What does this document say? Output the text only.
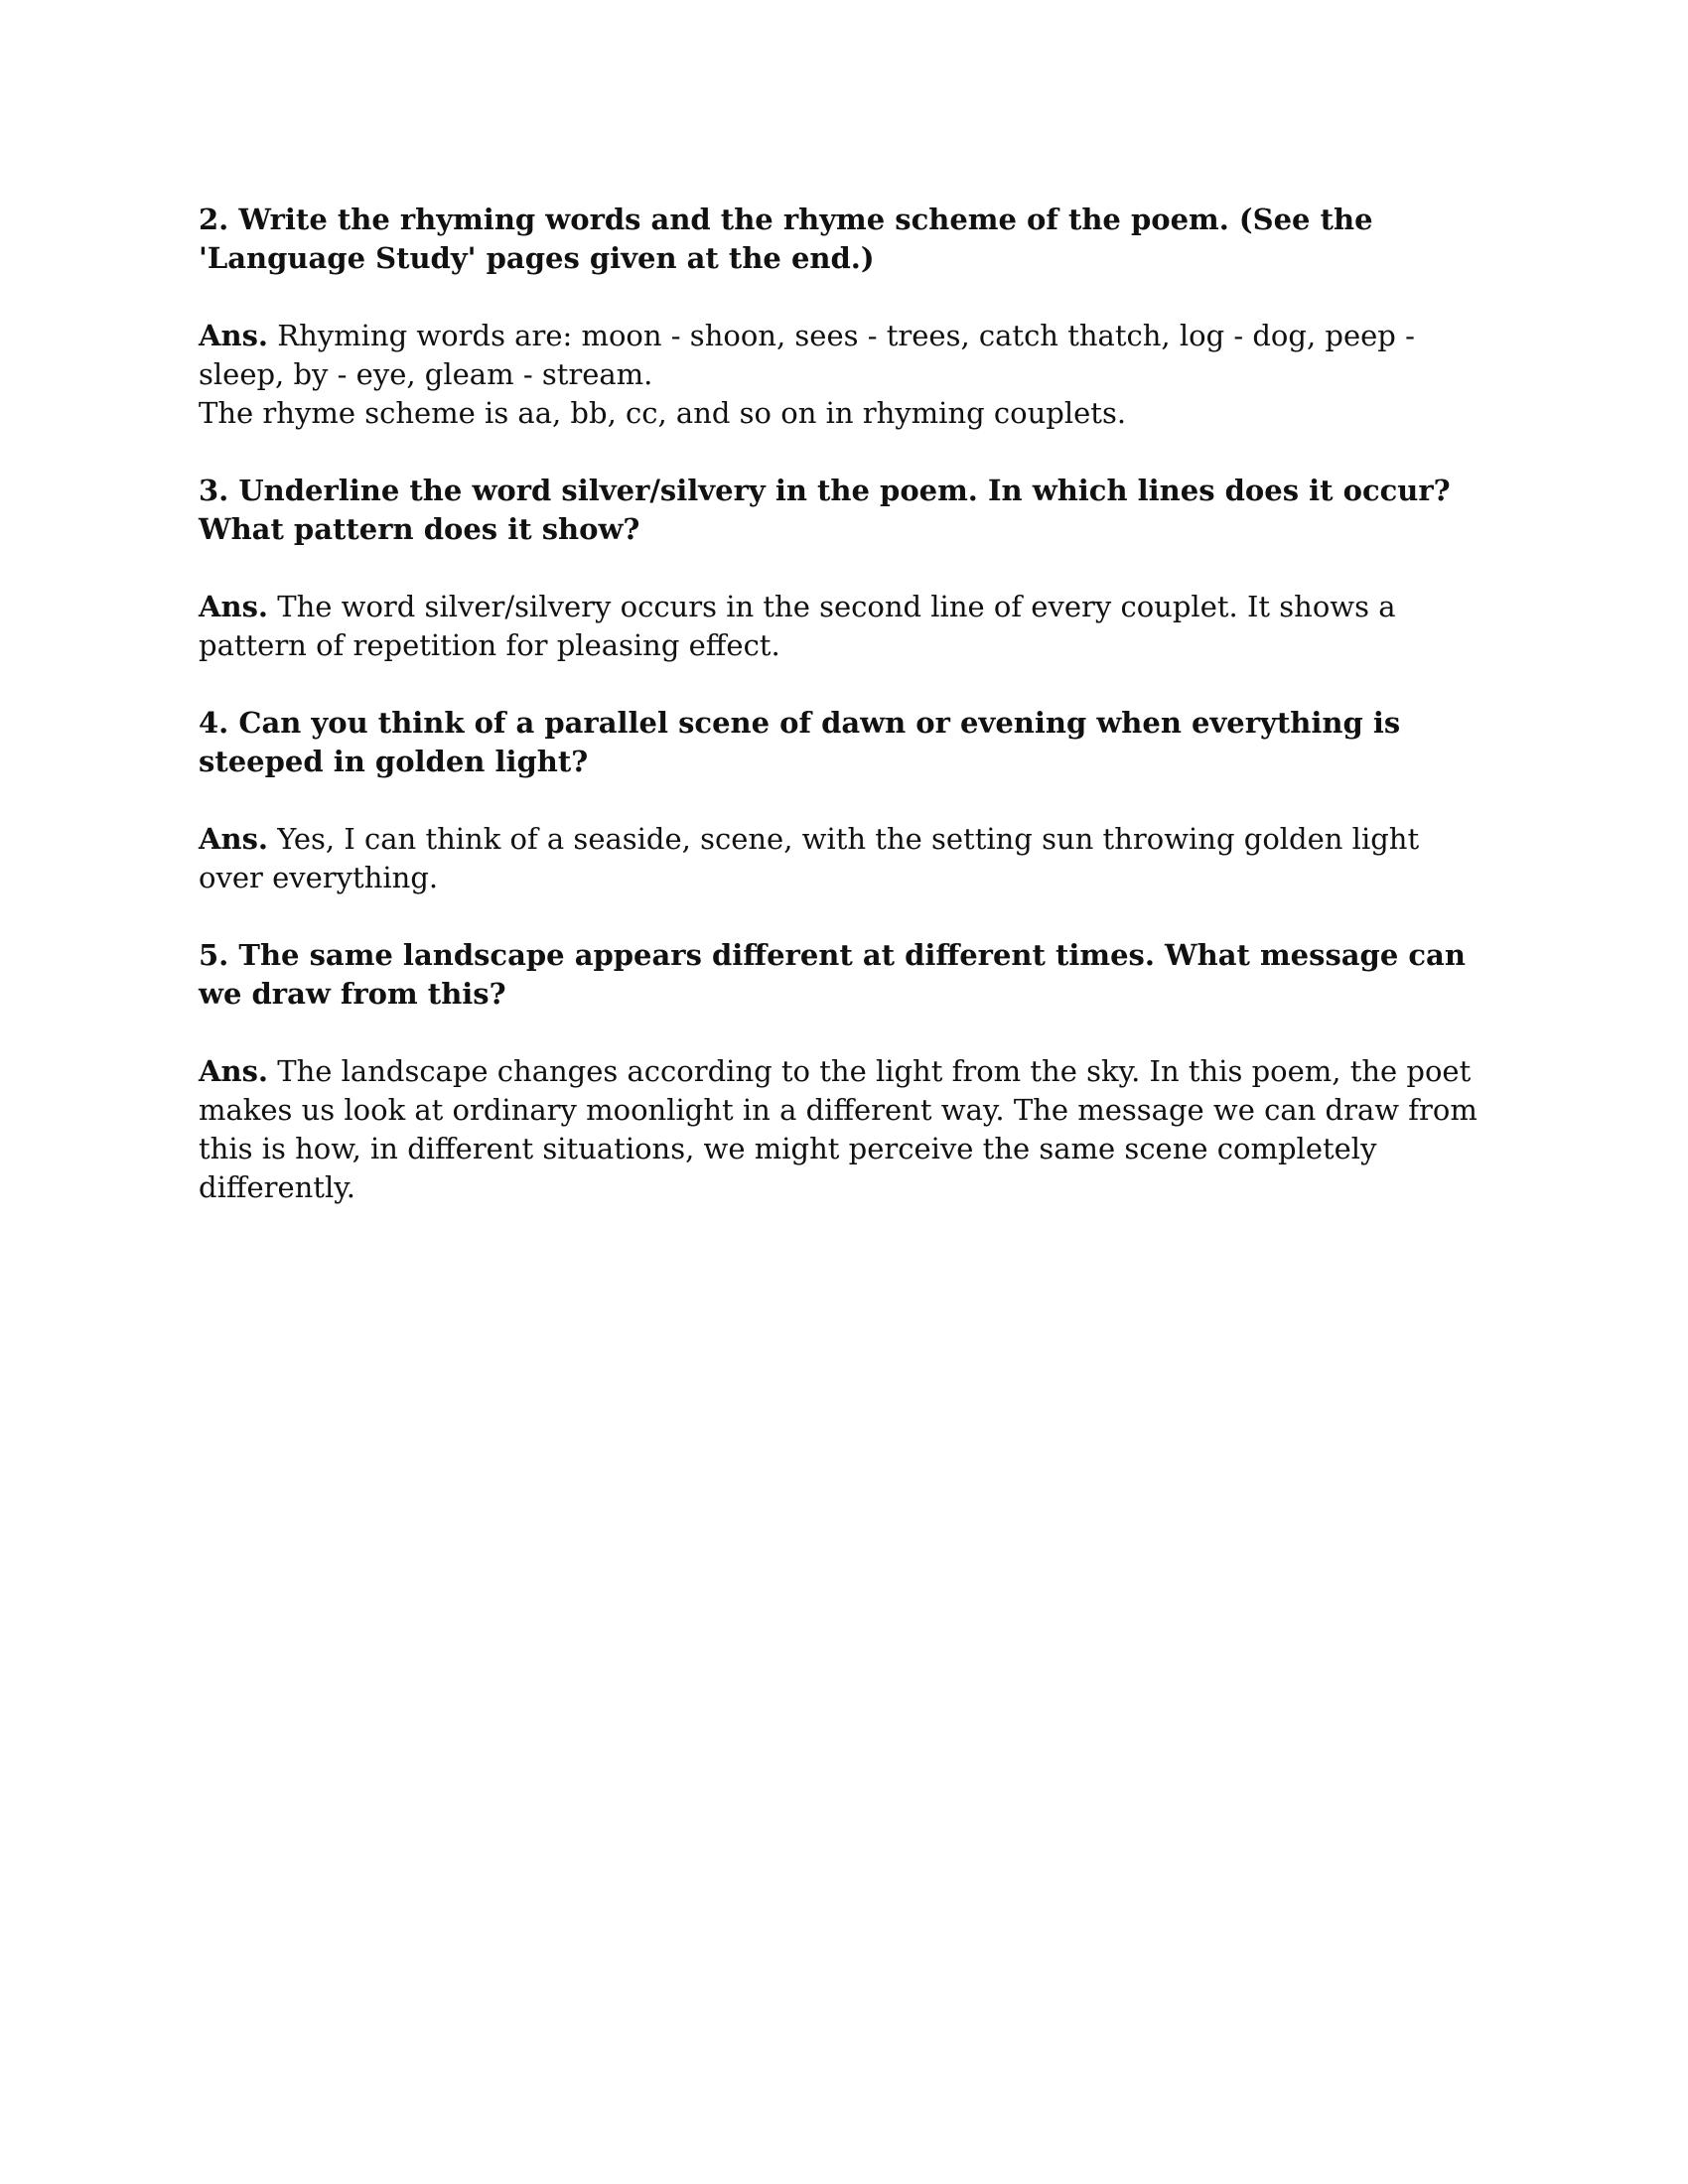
2. Write the rhyming words and the rhyme scheme of the poem. (See the 'Language Study' pages given at the end.)

Ans. Rhyming words are: moon - shoon, sees - trees, catch thatch, log - dog, peep - sleep, by - eye, gleam - stream.

The rhyme scheme is aa, bb, cc, and so on in rhyming couplets.

3. Underline the word silver/silvery in the poem. In which lines does it occur? What pattern does it show?

Ans. The word silver/silvery occurs in the second line of every couplet. It shows a pattern of repetition for pleasing effect.

4. Can you think of a parallel scene of dawn or evening when everything is steeped in golden light?

Ans. Yes, I can think of a seaside, scene, with the setting sun throwing golden light over everything.

5. The same landscape appears different at different times. What message can we draw from this?

Ans. The landscape changes according to the light from the sky. In this poem, the poet makes us look at ordinary moonlight in a different way. The message we can draw from this is how, in different situations, we might perceive the same scene completely differently.
